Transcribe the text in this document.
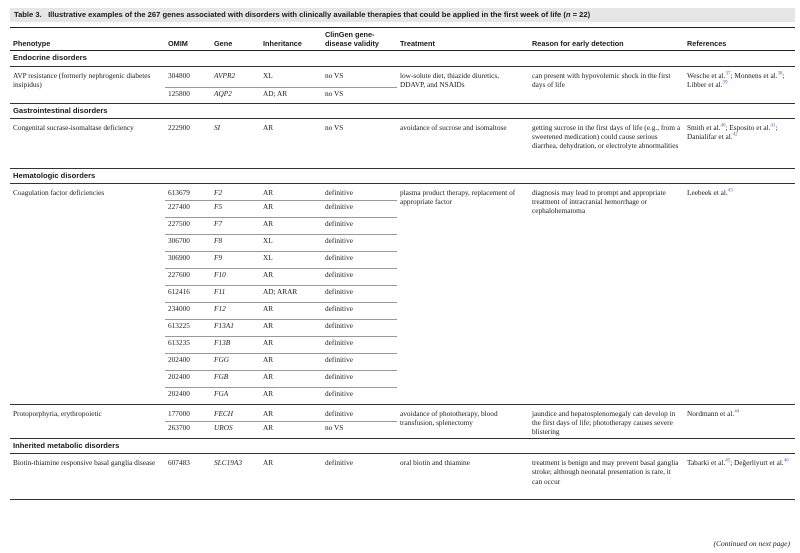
Table 3. Illustrative examples of the 267 genes associated with disorders with clinically available therapies that could be applied in the first week of life (n = 22)
Phenotype	OMIM	Gene	Inheritance	ClinGen gene-disease validity	Treatment	Reason for early detection	References
Endocrine disorders							
AVP resistance (formerly nephrogenic diabetes insipidus)	304800	AVPR2	XL	no VS	low-solute diet, thiazide diuretics, DDAVP, and NSAIDs	can present with hypovolemic shock in the first days of life	Wesche et al.$^{37}$; Monnens et al.$^{38}$; Libber et al.$^{39}$
	125800	AQP2	AD; AR	no VS			
Gastrointestinal disorders							
Congenital sucrase-isomaltase deficiency	222900	SI	AR	no VS	avoidance of sucrose and isomaltose	getting sucrose in the first days of life (e.g., from a sweetened medication) could cause serious diarrhea, dehydration, or electrolyte abnormalities	Smith et al.$^{40}$; Esposito et al.$^{41}$; Danialifar et al.$^{42}$
Hematologic disorders							
Coagulation factor deficiencies	613679	F2	AR	definitive	plasma product therapy, replacement of appropriate factor	diagnosis may lead to prompt and appropriate treatment of intracranial hemorrhage or cephalohematoma	Leebeek et al.$^{43}$
	227400	F5	AR	definitive			
	227500	F7	AR	definitive			
	306700	F8	XL	definitive			
	306900	F9	XL	definitive			
	227600	F10	AR	definitive			
	612416	F11	AD; ARAR	definitive			
	234000	F12	AR	definitive			
	613225	F13A1	AR	definitive			
	613235	F13B	AR	definitive			
	202400	FGG	AR	definitive			
	202400	FGB	AR	definitive			
	202400	FGA	AR	definitive			
Protoporphyria, erythropoietic	177000	FECH	AR	definitive	avoidance of phototherapy, blood transfusion, splenectomy	jaundice and hepatosplenomegaly can develop in the first days of life; phototherapy causes severe blistering	Nordmann et al.$^{44}$
	263700	UROS	AR	no VS			
Inherited metabolic disorders							
Biotin-thiamine responsive basal ganglia disease	607483	SLC19A3	AR	definitive	oral biotin and thiamine	treatment is benign and may prevent basal ganglia stroke; although neonatal presentation is rare, it can occur	Tabarki et al.$^{45}$; Değerliyurt et al.$^{46}$
(Continued on next page)
